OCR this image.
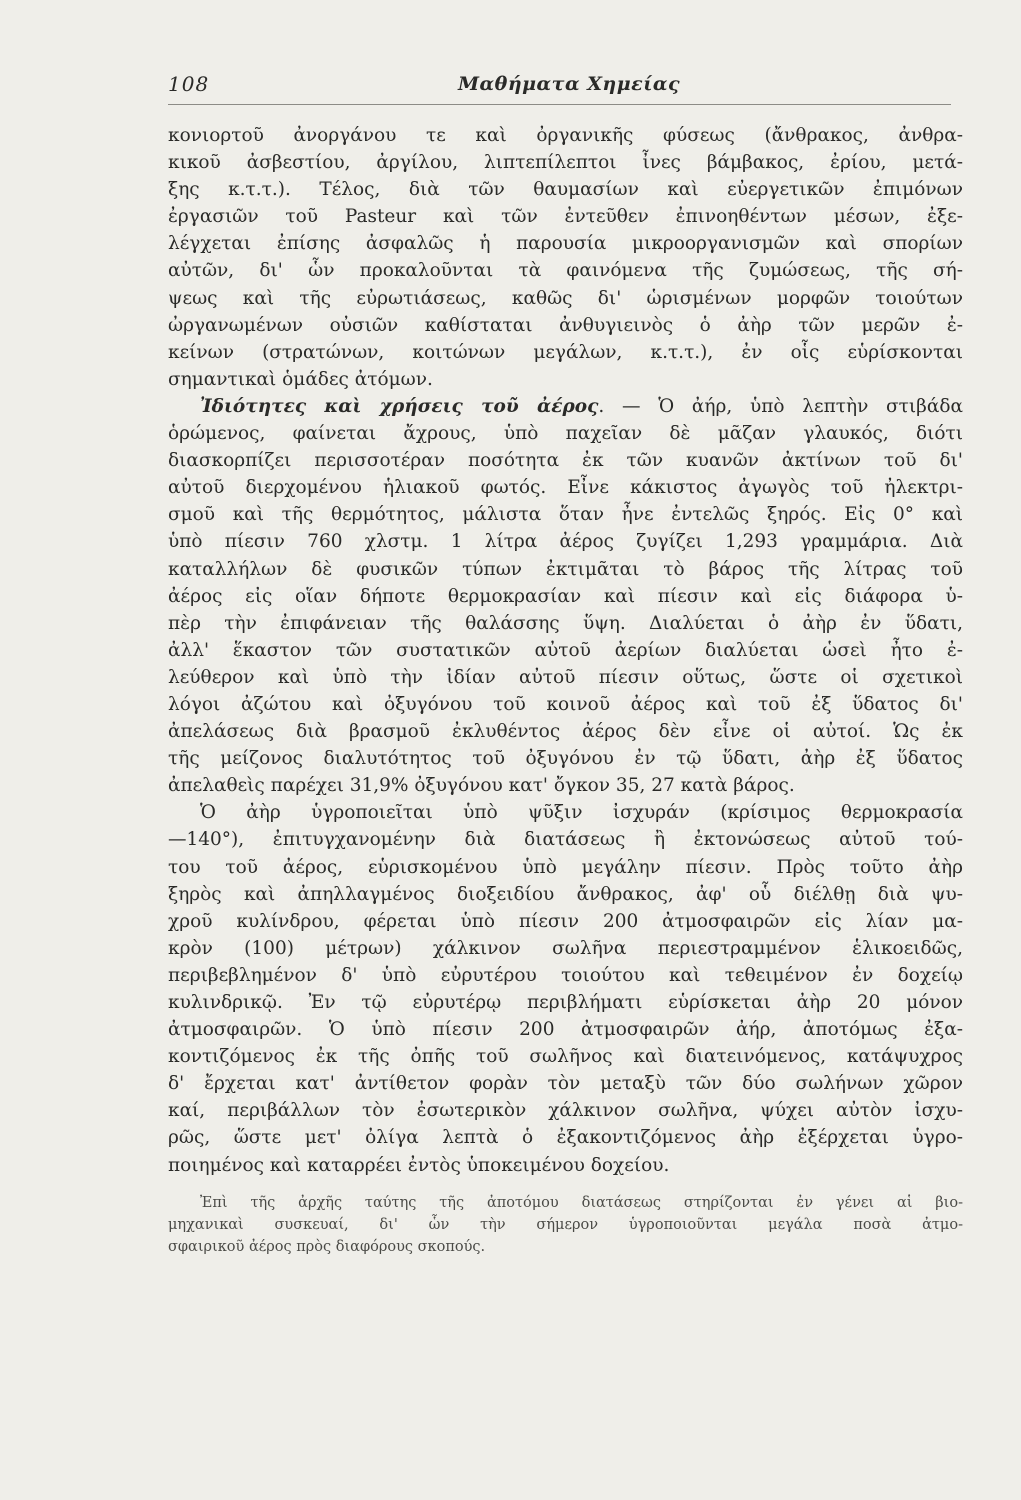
108	Μαθήματα Χημείας
κονιορτοῦ ἀνοργάνου τε καὶ ὀργανικῆς φύσεως (ἄνθρακος, ἀνθρα-
κικοῦ ἀσβεστίου, ἀργίλου, λιπτεπίλεπτοι ἶνες βάμβακος, ἐρίου, μετά-
ξης κ.τ.τ.). Τέλος, διὰ τῶν θαυμασίων καὶ εὐεργετικῶν ἐπιμόνων
ἐργασιῶν τοῦ Pasteur καὶ τῶν ἐντεῦθεν ἐπινοηθέντων μέσων, ἐξε-
λέγχεται ἐπίσης ἀσφαλῶς ἡ παρουσία μικροοργανισμῶν καὶ σπορίων
αὐτῶν, δι' ὧν προκαλοῦνται τὰ φαινόμενα τῆς ζυμώσεως, τῆς σή-
ψεως καὶ τῆς εὐρωτιάσεως, καθῶς δι' ὡρισμένων μορφῶν τοιούτων
ὠργανωμένων οὐσιῶν καθίσταται ἀνθυγιεινὸς ὁ ἀὴρ τῶν μερῶν ἐ-
κείνων (στρατώνων, κοιτώνων μεγάλων, κ.τ.τ.), ἐν οἷς εὑρίσκονται
σημαντικαὶ ὁμάδες ἀτόμων.
Ἰδιότητες καὶ χρήσεις τοῦ ἀέρος. — Ὁ ἀήρ, ὑπὸ λεπτὴν στιβάδα
ὁρώμενος, φαίνεται ἄχρους, ὑπὸ παχεῖαν δὲ μᾶζαν γλαυκός, διότι
διασκορπίζει περισσοτέραν ποσότητα ἐκ τῶν κυανῶν ἀκτίνων τοῦ δι'
αὐτοῦ διερχομένου ἡλιακοῦ φωτός. Εἶνε κάκιστος ἀγωγὸς τοῦ ἠλεκτρι-
σμοῦ καὶ τῆς θερμότητος, μάλιστα ὅταν ἦνε ἐντελῶς ξηρός. Εἰς 0° καὶ
ὑπὸ πίεσιν 760 χλστμ. 1 λίτρα ἀέρος ζυγίζει 1,293 γραμμάρια. Διὰ
καταλλήλων δὲ φυσικῶν τύπων ἐκτιμᾶται τὸ βάρος τῆς λίτρας τοῦ
ἀέρος εἰς οἵαν δήποτε θερμοκρασίαν καὶ πίεσιν καὶ εἰς διάφορα ὑ-
πὲρ τὴν ἐπιφάνειαν τῆς θαλάσσης ὕψη. Διαλύεται ὁ ἀὴρ ἐν ὕδατι,
ἀλλ' ἕκαστον τῶν συστατικῶν αὐτοῦ ἀερίων διαλύεται ὡσεὶ ἦτο ἐ-
λεύθερον καὶ ὑπὸ τὴν ἰδίαν αὐτοῦ πίεσιν οὕτως, ὥστε οἱ σχετικοὶ
λόγοι ἀζώτου καὶ ὀξυγόνου τοῦ κοινοῦ ἀέρος καὶ τοῦ ἐξ ὕδατος δι'
ἀπελάσεως διὰ βρασμοῦ ἐκλυθέντος ἀέρος δὲν εἶνε οἱ αὐτοί. Ὡς ἐκ
τῆς μείζονος διαλυτότητος τοῦ ὀξυγόνου ἐν τῷ ὕδατι, ἀὴρ ἐξ ὕδατος
ἀπελαθεὶς παρέχει 31,9% ὀξυγόνου κατ' ὄγκον 35, 27 κατὰ βάρος.
Ὁ ἀὴρ ὑγροποιεῖται ὑπὸ ψῦξιν ἰσχυράν (κρίσιμος θερμοκρασία
—140°), ἐπιτυγχανομένην διὰ διατάσεως ἢ ἐκτονώσεως αὐτοῦ τού-
του τοῦ ἀέρος, εὑρισκομένου ὑπὸ μεγάλην πίεσιν. Πρὸς τοῦτο ἀὴρ
ξηρὸς καὶ ἀπηλλαγμένος διοξειδίου ἄνθρακος, ἀφ' οὗ διέλθῃ διὰ ψυ-
χροῦ κυλίνδρου, φέρεται ὑπὸ πίεσιν 200 ἀτμοσφαιρῶν εἰς λίαν μα-
κρὸν (100) μέτρων) χάλκινον σωλῆνα περιεστραμμένον ἑλικοειδῶς,
περιβεβλημένον δ' ὑπὸ εὐρυτέρου τοιούτου καὶ τεθειμένον ἐν δοχείῳ
κυλινδρικῷ. Ἐν τῷ εὐρυτέρῳ περιβλήματι εὑρίσκεται ἀὴρ 20 μόνον
ἀτμοσφαιρῶν. Ὁ ὑπὸ πίεσιν 200 ἀτμοσφαιρῶν ἀήρ, ἀποτόμως ἐξα-
κοντιζόμενος ἐκ τῆς ὀπῆς τοῦ σωλῆνος καὶ διατεινόμενος, κατάψυχρος
δ' ἔρχεται κατ' ἀντίθετον φορὰν τὸν μεταξὺ τῶν δύο σωλήνων χῶρον
καί, περιβάλλων τὸν ἐσωτερικὸν χάλκινον σωλῆνα, ψύχει αὐτὸν ἰσχυ-
ρῶς, ὥστε μετ' ὀλίγα λεπτὰ ὁ ἐξακοντιζόμενος ἀὴρ ἐξέρχεται ὑγρο-
ποιημένος καὶ καταρρέει ἐντὸς ὑποκειμένου δοχείου.
Ἐπὶ τῆς ἀρχῆς ταύτης τῆς ἀποτόμου διατάσεως στηρίζονται ἐν γένει αἱ βιο-
μηχανικαὶ συσκευαί, δι' ὧν τὴν σήμερον ὑγροποιοῦνται μεγάλα ποσὰ ἀτμο-
σφαιρικοῦ ἀέρος πρὸς διαφόρους σκοπούς.
